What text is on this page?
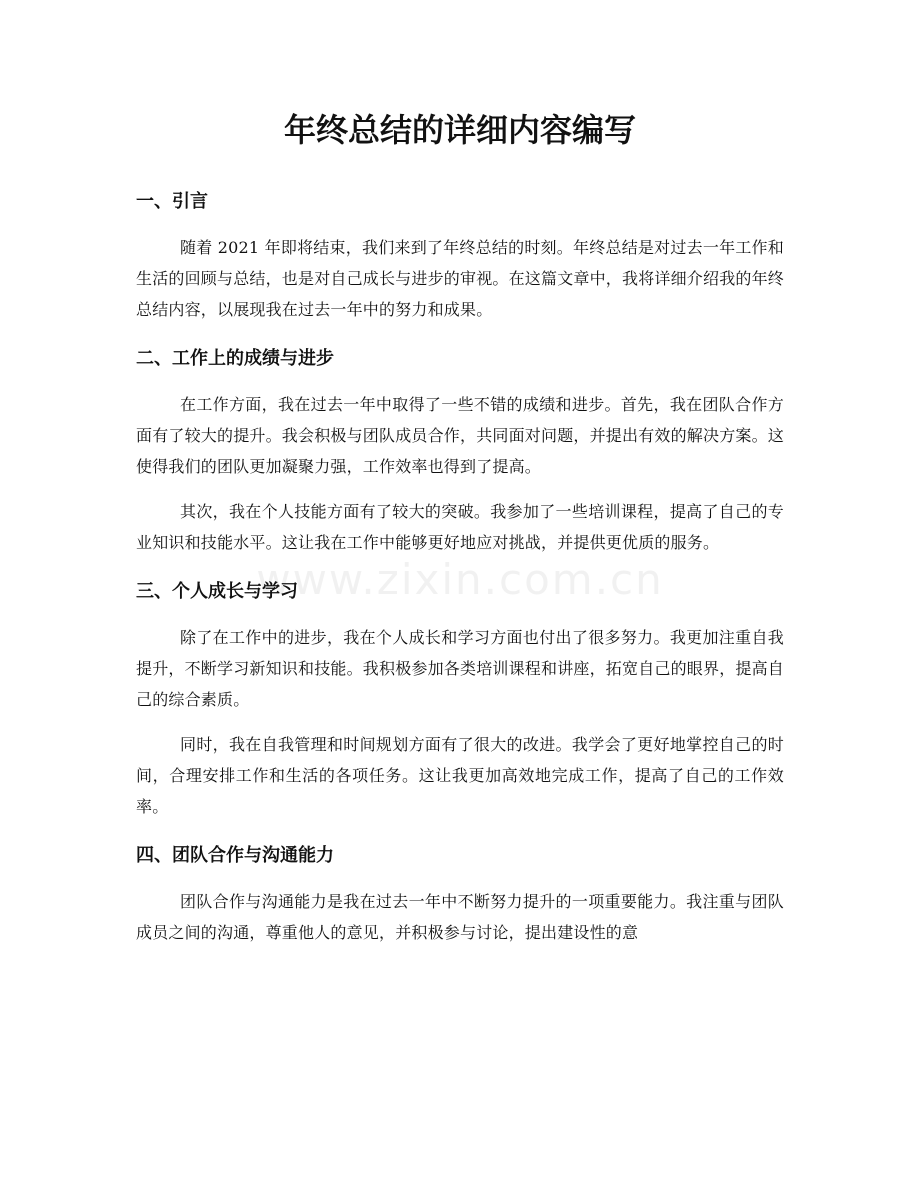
年终总结的详细内容编写
www.zixin.com.cn
一、引言

随着 2021 年即将结束，我们来到了年终总结的时刻。年终总结是对过去一年工作和生活的回顾与总结，也是对自己成长与进步的审视。在这篇文章中，我将详细介绍我的年终总结内容，以展现我在过去一年中的努力和成果。

二、工作上的成绩与进步

在工作方面，我在过去一年中取得了一些不错的成绩和进步。首先，我在团队合作方面有了较大的提升。我会积极与团队成员合作，共同面对问题，并提出有效的解决方案。这使得我们的团队更加凝聚力强，工作效率也得到了提高。

其次，我在个人技能方面有了较大的突破。我参加了一些培训课程，提高了自己的专业知识和技能水平。这让我在工作中能够更好地应对挑战，并提供更优质的服务。

三、个人成长与学习

除了在工作中的进步，我在个人成长和学习方面也付出了很多努力。我更加注重自我提升，不断学习新知识和技能。我积极参加各类培训课程和讲座，拓宽自己的眼界，提高自己的综合素质。

同时，我在自我管理和时间规划方面有了很大的改进。我学会了更好地掌控自己的时间，合理安排工作和生活的各项任务。这让我更加高效地完成工作，提高了自己的工作效率。

四、团队合作与沟通能力

团队合作与沟通能力是我在过去一年中不断努力提升的一项重要能力。我注重与团队成员之间的沟通，尊重他人的意见，并积极参与讨论，提出建设性的意
